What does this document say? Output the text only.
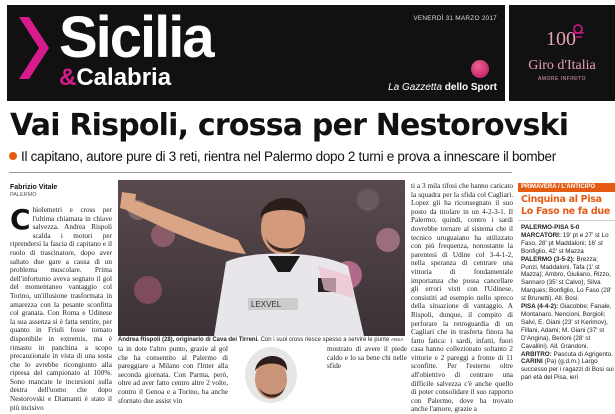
Sicilia
&Calabria
VENERDÌ 31 MARZO 2017
La Gazzetta dello Sport
100
Giro d'Italia
AMORE INFINITO
Vai Rispoli, crossa per Nestorovski
Il capitano, autore pure di 3 reti, rientra nel Palermo dopo 2 turni e prova a innescare il bomber
Fabrizio Vitale
PALERMO
Chiolemetri e cross per l'ultima chiamata in chiave salvezza. Andrea Rispoli scalda i motori per riprendersi la fascia di capitano e il ruolo di trascinatore, dopo aver saltato due gare a causa di un problema muscolare. Prima dell'infortunio aveva segnato il gol del momentaneo vantaggio col Torino, un'illusione trasformata in amarezza con la pesante sconfitta col granata. Con Roma e Udinese la sua assenza si è fatta sentire, per quanto in Friuli fosse tornato disponibile in extremis, ma è rimasto in panchina a scopo precauzionale in vista di una sosta che lo avrebbe ricongiunto alla ripresa del campionato al 100%. Sono mancate le incursioni sulla destra dell'uomo che dopo Nestorovski e Diamanti è stato il più incisivo
LEXVEL
Andrea Rispoli (28), originario di Cava dei Tirreni. Con i suoi cross riesce spesso a servire le punte ANSA
ta in dote l'altro punto, grazie al gol che ha consentito al Palermo di pareggiare a Milano con l'Inter alla seconda giornata. Con Parma, però, oltre ad aver fatto centro altre 2 volte, contro il Genoa e a Torino, ha anche sfornato due assist vin
mostrato di avere il piede caldo e lo sa bene chi nelle sfide
ti a 3 mila tifosi che hanno caricato la squadra per la sfida col Cagliari. Lopez gli ha riconsegnato il suo posto da titolare in un 4-2-3-1. Il Palermo, quindi, contro i sardi dovrebbe tornare al sistema che il tecnico uruguaiano ha utilizzato con più frequenza, nonostante la parentesi di Udine col 3-4-1-2, nella speranza di centrare una vittoria di fondamentale importanza che possa cancellare gli errori visti con l'Udinese, consistiti ad esempio nello spreco della situazione di vantaggio. A Rispoli, dunque, il compito di perforare la retroguardia di un Cagliari che in trasferta finora ha fatto fatica: i sardi, infatti, fuori casa hanno collezionato soltanto 2 vittorie e 2 pareggi a fronte di 11 sconfitte. Per l'esterno oltre all'obiettivo di centrare una difficile salvezza c'è anche quello di poter consolidare il suo rapporto con Palermo, dove ha trovato anche l'amore, grazie a
PRIMAVERA / L'ANTICIPO
Cinquina al Pisa Lo Faso ne fa due
PALERMO-PISA 5-0
MARCATORI: 19' pt e 27' st Lo Faso, 28' pt Maddaloni; 16' st Bonfiglio, 42' st Mazza
PALERMO (3-5-2): Brezza; Punzi, Maddaloni, Tafa (1' st Mazza); Ambro, Giuliano, Rizzo, Sannaro (35' st Calvo), Silva Marques; Bonfiglio, Lo Faso (28' st Brunetti). All. Bosi.
PISA (4-4-2): Giacobbe; Fanale, Montanaro, Nencioni, Borgioli; Salvi, E. Giani (23' st Kerimov), Fillani, Adami; M. Giani (37' st D'Angina), Berioni (28' st Cavallini). All. Grandoni.
ARBITRO: Pascuta di Agrigento.
CARINI (Pa) (g.d.m.) Largo successo per i ragazzi di Bosi sui pari età del Pisa, ieri
